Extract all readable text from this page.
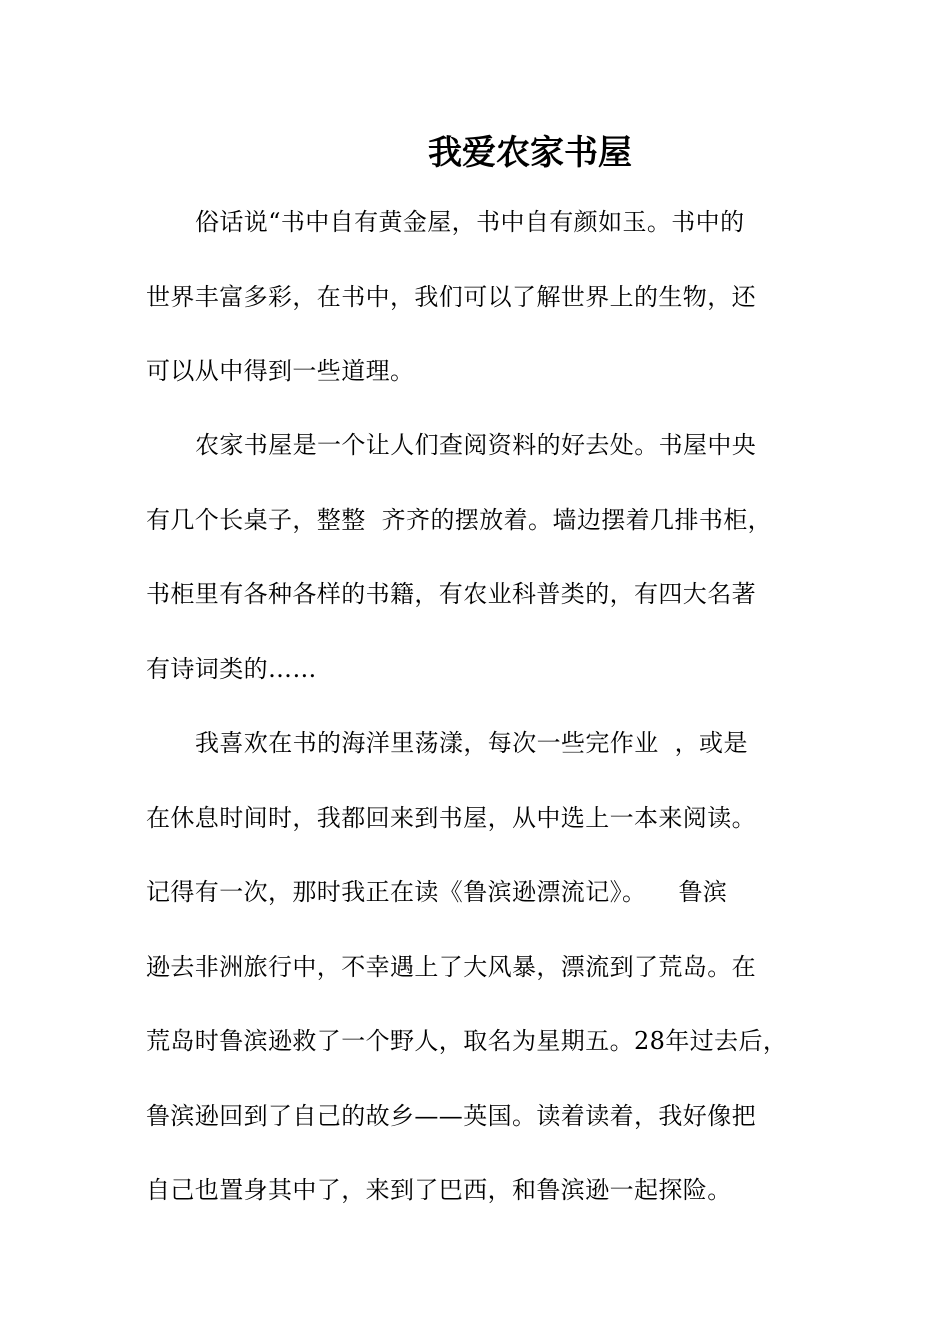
我爱农家书屋
俗话说“书中自有黄金屋，书中自有颜如玉。书中的
世界丰富多彩，在书中，我们可以了解世界上的生物，还
可以从中得到一些道理。
农家书屋是一个让人们查阅资料的好去处。书屋中央
有几个长桌子，整整  齐齐的摆放着。墙边摆着几排书柜，
书柜里有各种各样的书籍，有农业科普类的，有四大名著
有诗词类的……
我喜欢在书的海洋里荡漾，每次一些完作业  ，或是
在休息时间时，我都回来到书屋，从中选上一本来阅读。
记得有一次，那时我正在读《鲁滨逊漂流记》。    鲁滨
逊去非洲旅行中，不幸遇上了大风暴，漂流到了荒岛。在
荒岛时鲁滨逊救了一个野人，取名为星期五。28年过去后，
鲁滨逊回到了自己的故乡——英国。读着读着，我好像把
自己也置身其中了，来到了巴西，和鲁滨逊一起探险。
